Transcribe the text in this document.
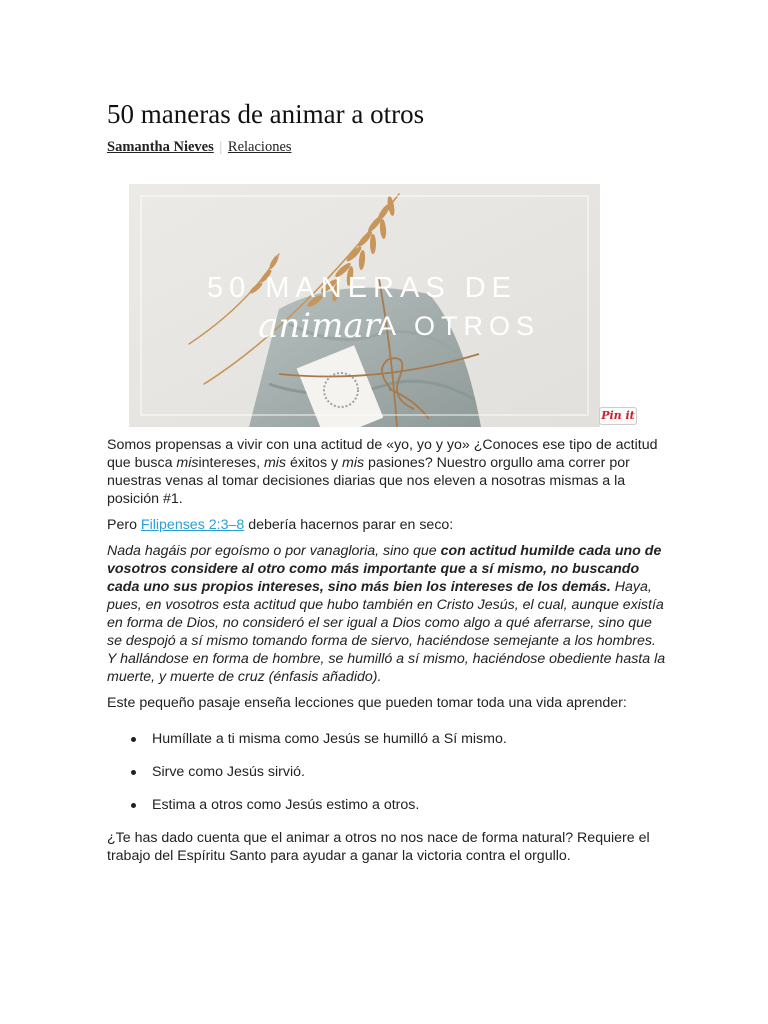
50 maneras de animar a otros
Samantha Nieves | Relaciones
50 MANERAS DE
animar
A OTROS
Pin it

Somos propensas a vivir con una actitud de «yo, yo y yo» ¿Conoces ese tipo de actitud que busca misintereses, mis éxitos y mis pasiones? Nuestro orgullo ama correr por nuestras venas al tomar decisiones diarias que nos eleven a nosotras mismas a la posición #1.

Pero Filipenses 2:3–8 debería hacernos parar en seco:

Nada hagáis por egoísmo o por vanagloria, sino que con actitud humilde cada uno de vosotros considere al otro como más importante que a sí mismo, no buscando cada uno sus propios intereses, sino más bien los intereses de los demás. Haya, pues, en vosotros esta actitud que hubo también en Cristo Jesús, el cual, aunque existía en forma de Dios, no consideró el ser igual a Dios como algo a qué aferrarse, sino que se despojó a sí mismo tomando forma de siervo, haciéndose semejante a los hombres. Y hallándose en forma de hombre, se humilló a sí mismo, haciéndose obediente hasta la muerte, y muerte de cruz (énfasis añadido).

Este pequeño pasaje enseña lecciones que pueden tomar toda una vida aprender:

Humíllate a ti misma como Jesús se humilló a Sí mismo.
Sirve como Jesús sirvió.
Estima a otros como Jesús estimo a otros.

¿Te has dado cuenta que el animar a otros no nos nace de forma natural? Requiere el trabajo del Espíritu Santo para ayudar a ganar la victoria contra el orgullo.
